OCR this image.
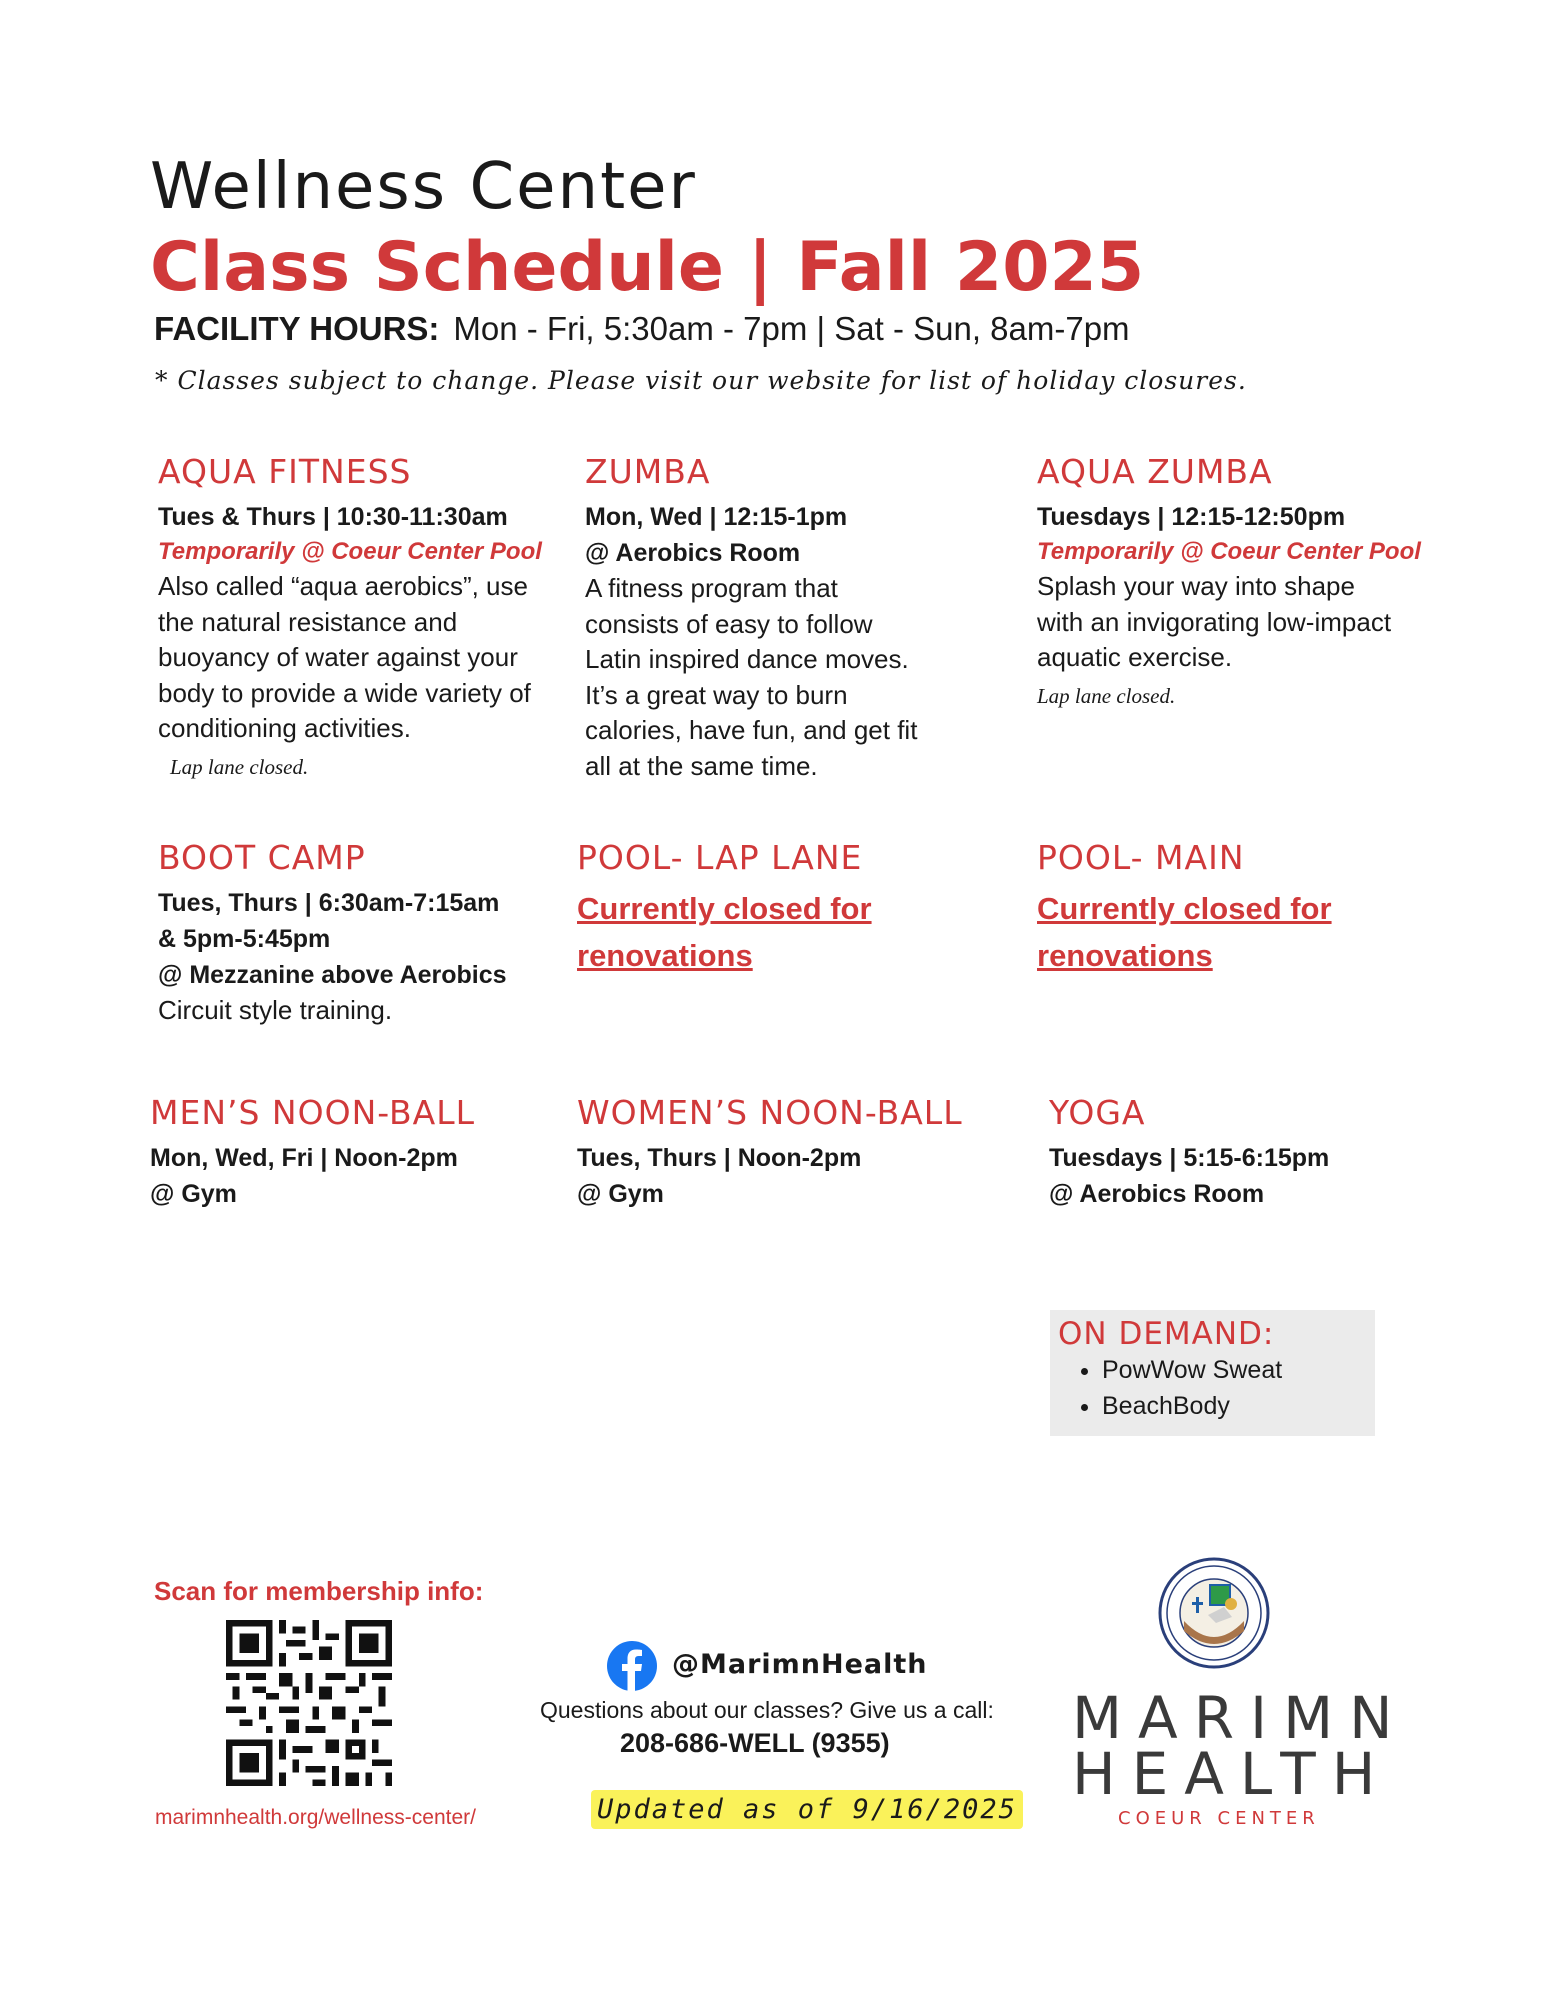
Wellness Center
Class Schedule | Fall 2025
FACILITY HOURS: Mon - Fri, 5:30am - 7pm | Sat - Sun, 8am-7pm
* Classes subject to change. Please visit our website for list of holiday closures.
AQUA FITNESS
Tues & Thurs | 10:30-11:30am
Temporarily @ Coeur Center Pool
Also called “aqua aerobics”, use
the natural resistance and
buoyancy of water against your
body to provide a wide variety of
conditioning activities.
Lap lane closed.
ZUMBA
Mon, Wed | 12:15-1pm
@ Aerobics Room
A fitness program that
consists of easy to follow
Latin inspired dance moves.
It’s a great way to burn
calories, have fun, and get fit
all at the same time.
AQUA ZUMBA
Tuesdays | 12:15-12:50pm
Temporarily @ Coeur Center Pool
Splash your way into shape
with an invigorating low-impact
aquatic exercise.
Lap lane closed.
BOOT CAMP
Tues, Thurs | 6:30am-7:15am
& 5pm-5:45pm
@ Mezzanine above Aerobics
Circuit style training.
POOL- LAP LANE
Currently closed for
renovations
POOL- MAIN
Currently closed for
renovations
MEN’S NOON-BALL
Mon, Wed, Fri | Noon-2pm
@ Gym
WOMEN’S NOON-BALL
Tues, Thurs | Noon-2pm
@ Gym
YOGA
Tuesdays | 5:15-6:15pm
@ Aerobics Room
ON DEMAND:
• PowWow Sweat
• BeachBody
Scan for membership info:
marimnhealth.org/wellness-center/
@MarimnHealth
Questions about our classes? Give us a call:
208-686-WELL (9355)
Updated as of 9/16/2025
MARIMN
HEALTH
COEUR CENTER
